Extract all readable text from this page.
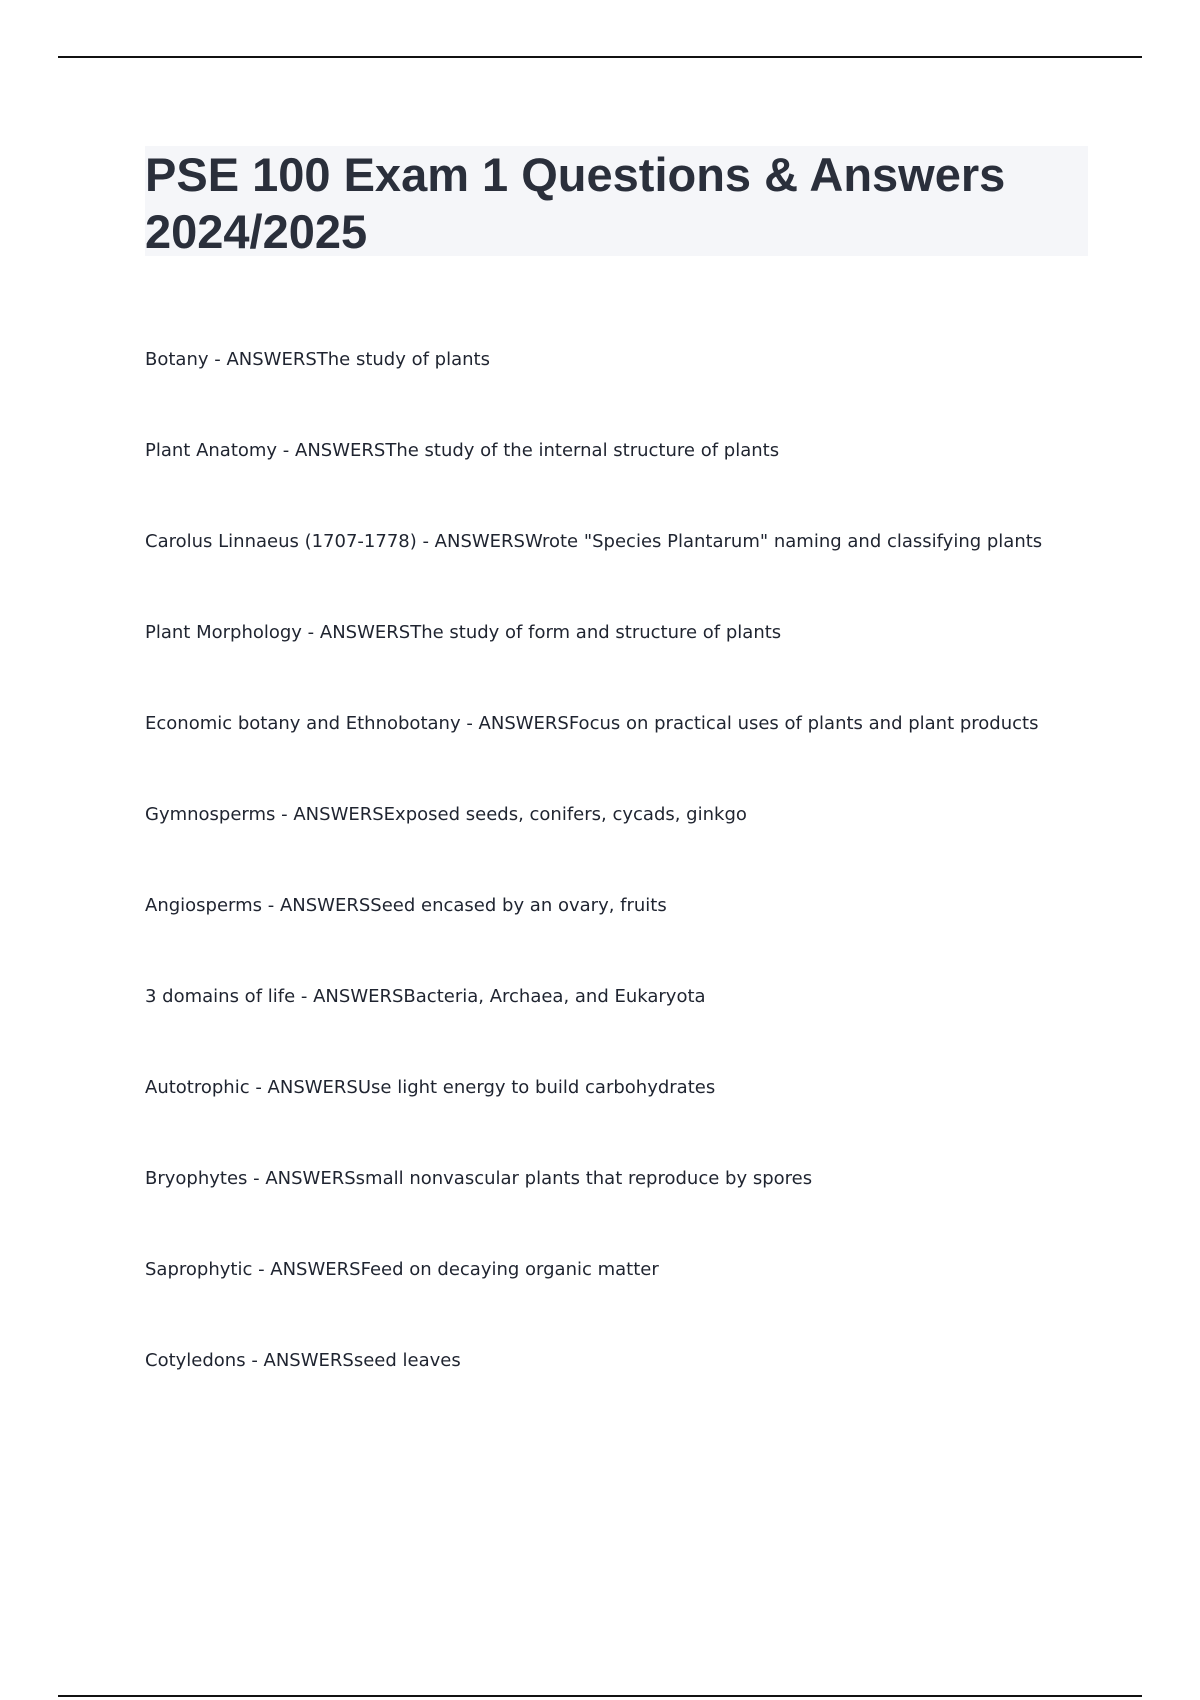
PSE 100 Exam 1 Questions & Answers 2024/2025
Botany - ANSWERSThe study of plants
Plant Anatomy - ANSWERSThe study of the internal structure of plants
Carolus Linnaeus (1707-1778) - ANSWERSWrote "Species Plantarum" naming and classifying plants
Plant Morphology - ANSWERSThe study of form and structure of plants
Economic botany and Ethnobotany - ANSWERSFocus on practical uses of plants and plant products
Gymnosperms - ANSWERSExposed seeds, conifers, cycads, ginkgo
Angiosperms - ANSWERSSeed encased by an ovary, fruits
3 domains of life - ANSWERSBacteria, Archaea, and Eukaryota
Autotrophic - ANSWERSUse light energy to build carbohydrates
Bryophytes - ANSWERSsmall nonvascular plants that reproduce by spores
Saprophytic - ANSWERSFeed on decaying organic matter
Cotyledons - ANSWERSseed leaves
